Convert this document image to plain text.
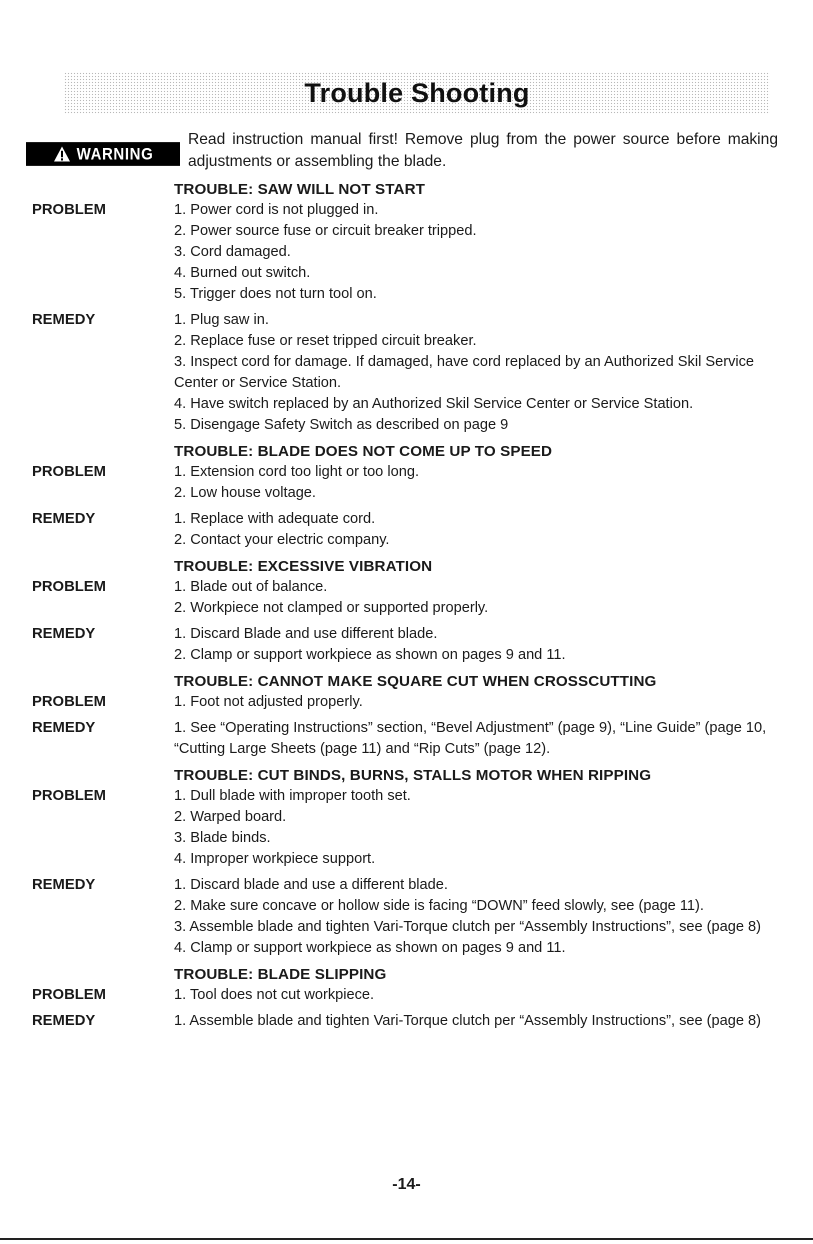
Trouble Shooting
WARNING
Read instruction manual first! Remove plug from the power source before making adjustments or assembling the blade.
TROUBLE: SAW WILL NOT START
PROBLEM	1. Power cord is not plugged in.
2. Power source fuse or circuit breaker tripped.
3. Cord damaged.
4. Burned out switch.
5. Trigger does not turn tool on.
REMEDY	1. Plug saw in.
2. Replace fuse or reset tripped circuit breaker.
3. Inspect cord for damage. If damaged, have cord replaced by an Authorized Skil Service Center or Service Station.
4. Have switch replaced by an Authorized Skil Service Center or Service Station.
5. Disengage Safety Switch as described on page 9
TROUBLE: BLADE DOES NOT COME UP TO SPEED
PROBLEM	1. Extension cord too light or too long.
2. Low house voltage.
REMEDY	1. Replace with adequate cord.
2. Contact your electric company.
TROUBLE: EXCESSIVE VIBRATION
PROBLEM	1. Blade out of balance.
2. Workpiece not clamped or supported properly.
REMEDY	1. Discard Blade and use different blade.
2. Clamp or support workpiece as shown on pages 9 and 11.
TROUBLE: CANNOT MAKE SQUARE CUT WHEN CROSSCUTTING
PROBLEM	1. Foot not adjusted properly.
REMEDY	1. See “Operating Instructions” section, “Bevel Adjustment” (page 9), “Line Guide” (page 10, “Cutting Large Sheets (page 11) and “Rip Cuts” (page 12).
TROUBLE: CUT BINDS, BURNS, STALLS MOTOR WHEN RIPPING
PROBLEM	1. Dull blade with improper tooth set.
2. Warped board.
3. Blade binds.
4. Improper workpiece support.
REMEDY	1. Discard blade and use a different blade.
2. Make sure concave or hollow side is facing “DOWN” feed slowly, see (page 11).
3. Assemble blade and tighten Vari-Torque clutch per “Assembly Instructions”, see (page 8)
4. Clamp or support workpiece as shown on pages 9 and 11.
TROUBLE: BLADE SLIPPING
PROBLEM	1. Tool does not cut workpiece.
REMEDY	1. Assemble blade and tighten Vari-Torque clutch per “Assembly Instructions”, see (page 8)
-14-
